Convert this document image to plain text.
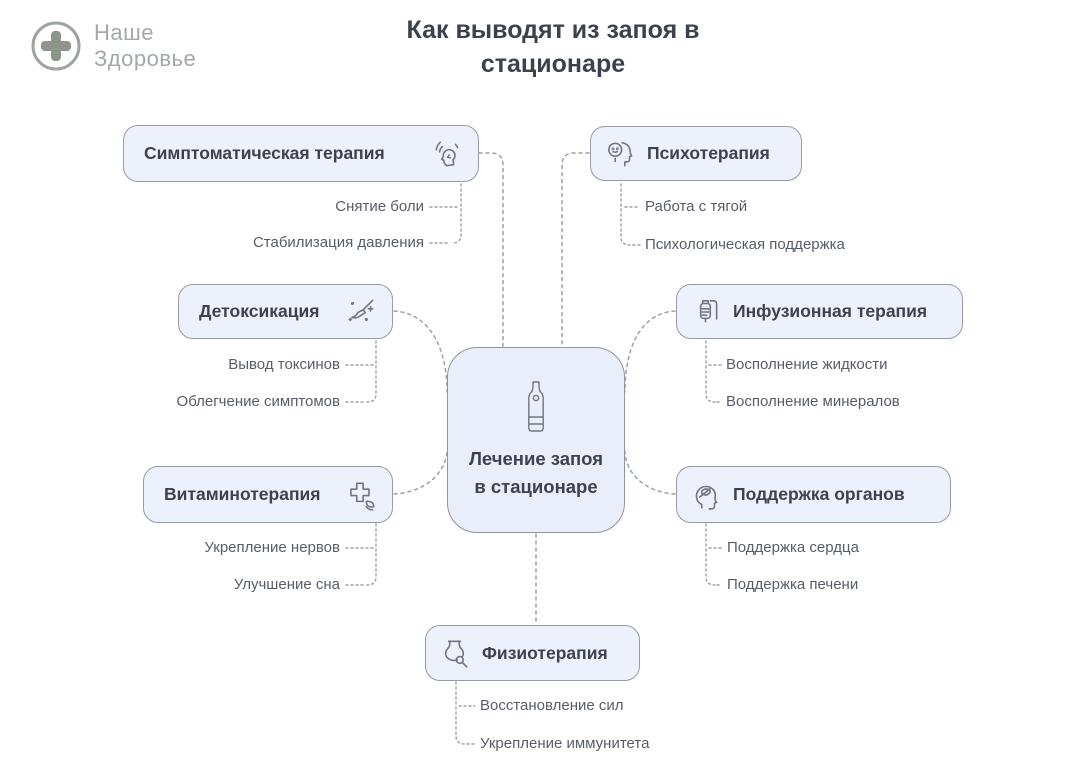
Наше
Здоровье
Как выводят из запоя в стационаре
Симптоматическая терапия
Снятие боли
Стабилизация давления
Психотерапия
Работа с тягой
Психологическая поддержка
Детоксикация
Вывод токсинов
Облегчение симптомов
Инфузионная терапия
Восполнение жидкости
Восполнение минералов
Лечение запоя в стационаре
Витаминотерапия
Укрепление нервов
Улучшение сна
Поддержка органов
Поддержка сердца
Поддержка печени
Физиотерапия
Восстановление сил
Укрепление иммунитета
